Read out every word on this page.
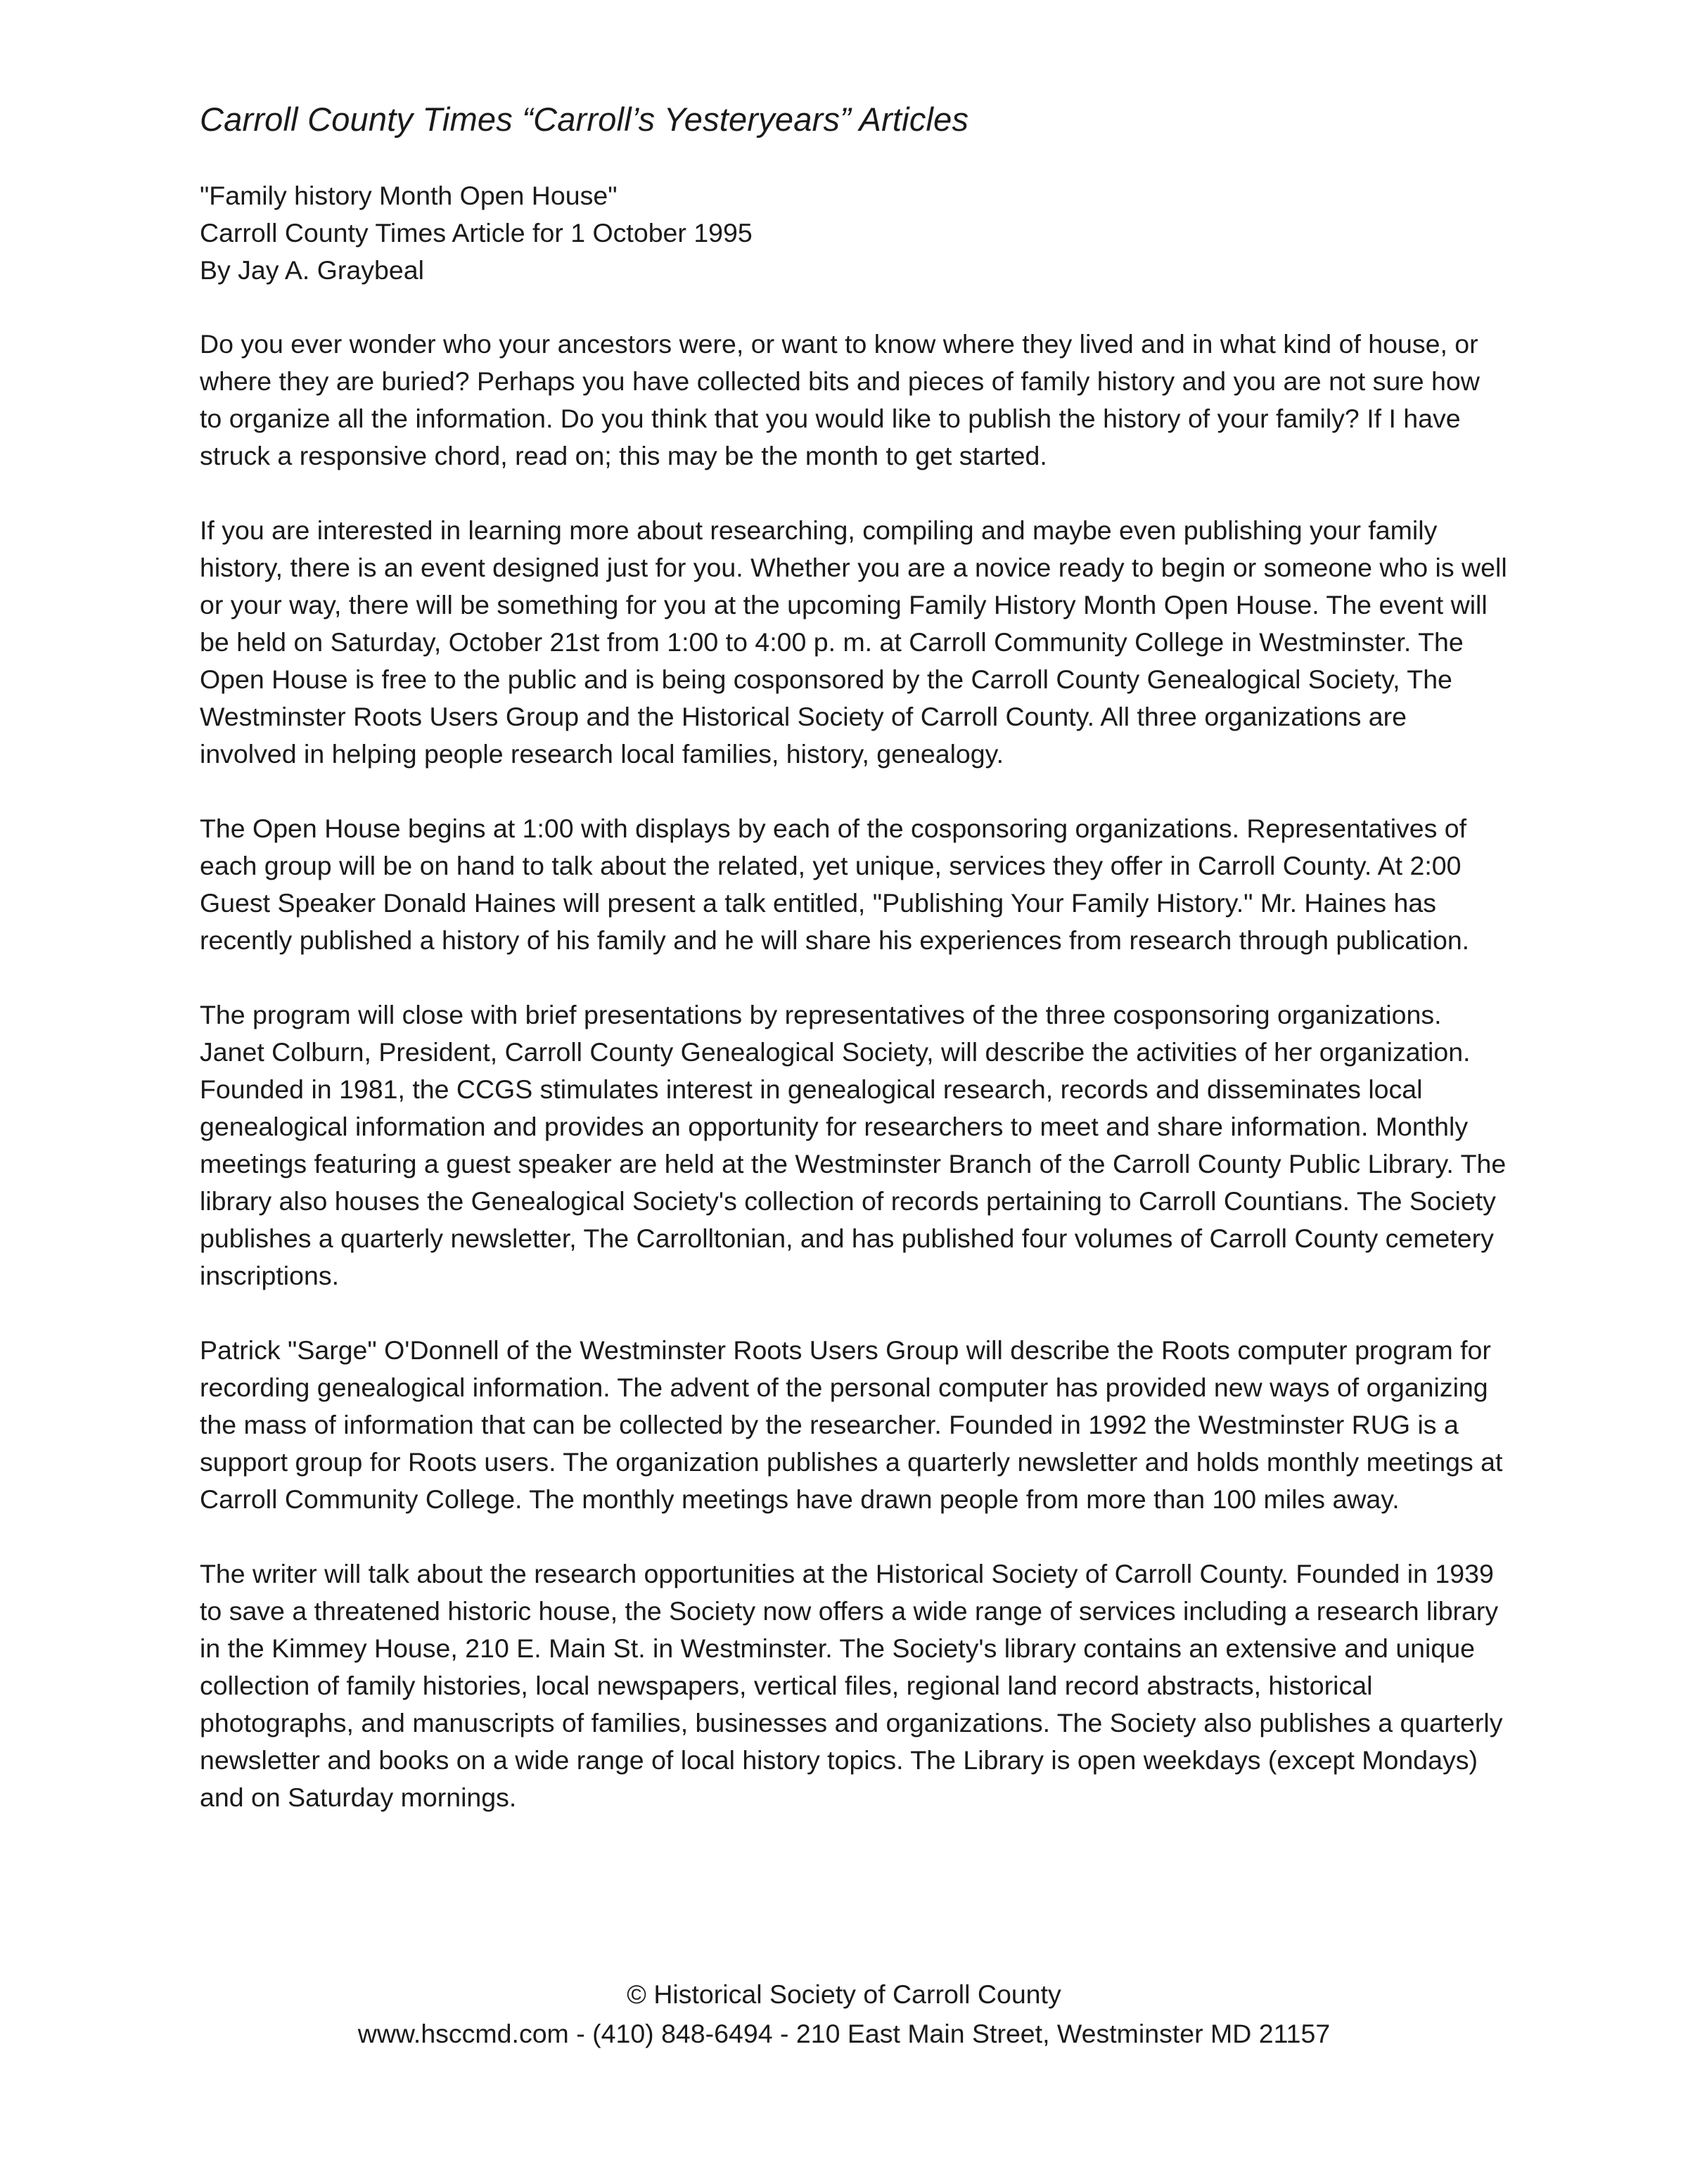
Carroll County Times “Carroll’s Yesteryears” Articles
"Family history Month Open House"
Carroll County Times Article for 1 October 1995
By Jay A. Graybeal

Do you ever wonder who your ancestors were, or want to know where they lived and in what kind of house, or where they are buried? Perhaps you have collected bits and pieces of family history and you are not sure how to organize all the information. Do you think that you would like to publish the history of your family? If I have struck a responsive chord, read on; this may be the month to get started.

If you are interested in learning more about researching, compiling and maybe even publishing your family history, there is an event designed just for you. Whether you are a novice ready to begin or someone who is well or your way, there will be something for you at the upcoming Family History Month Open House. The event will be held on Saturday, October 21st from 1:00 to 4:00 p. m. at Carroll Community College in Westminster. The Open House is free to the public and is being cosponsored by the Carroll County Genealogical Society, The Westminster Roots Users Group and the Historical Society of Carroll County. All three organizations are involved in helping people research local families, history, genealogy.

The Open House begins at 1:00 with displays by each of the cosponsoring organizations. Representatives of each group will be on hand to talk about the related, yet unique, services they offer in Carroll County. At 2:00 Guest Speaker Donald Haines will present a talk entitled, "Publishing Your Family History." Mr. Haines has recently published a history of his family and he will share his experiences from research through publication.

The program will close with brief presentations by representatives of the three cosponsoring organizations. Janet Colburn, President, Carroll County Genealogical Society, will describe the activities of her organization. Founded in 1981, the CCGS stimulates interest in genealogical research, records and disseminates local genealogical information and provides an opportunity for researchers to meet and share information. Monthly meetings featuring a guest speaker are held at the Westminster Branch of the Carroll County Public Library. The library also houses the Genealogical Society's collection of records pertaining to Carroll Countians. The Society publishes a quarterly newsletter, The Carrolltonian, and has published four volumes of Carroll County cemetery inscriptions.

Patrick "Sarge" O'Donnell of the Westminster Roots Users Group will describe the Roots computer program for recording genealogical information. The advent of the personal computer has provided new ways of organizing the mass of information that can be collected by the researcher. Founded in 1992 the Westminster RUG is a support group for Roots users. The organization publishes a quarterly newsletter and holds monthly meetings at Carroll Community College. The monthly meetings have drawn people from more than 100 miles away.

The writer will talk about the research opportunities at the Historical Society of Carroll County. Founded in 1939 to save a threatened historic house, the Society now offers a wide range of services including a research library in the Kimmey House, 210 E. Main St. in Westminster. The Society's library contains an extensive and unique collection of family histories, local newspapers, vertical files, regional land record abstracts, historical photographs, and manuscripts of families, businesses and organizations. The Society also publishes a quarterly newsletter and books on a wide range of local history topics. The Library is open weekdays (except Mondays) and on Saturday mornings.

© Historical Society of Carroll County
www.hsccmd.com - (410) 848-6494 - 210 East Main Street, Westminster MD 21157
